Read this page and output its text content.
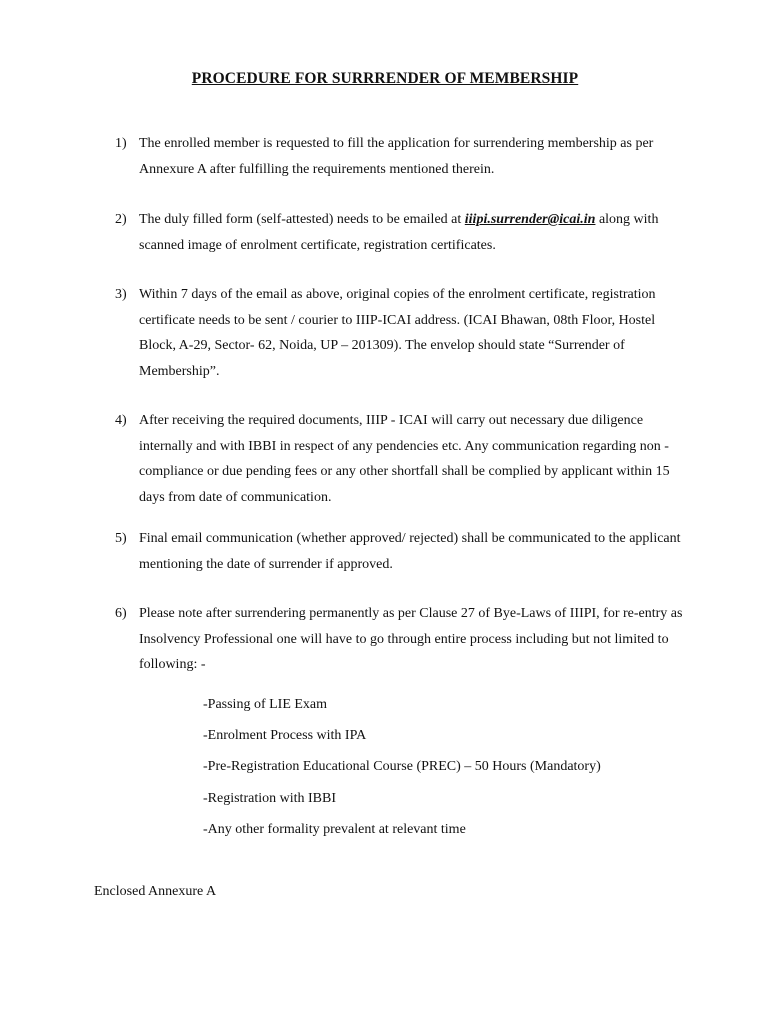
PROCEDURE FOR SURRRENDER OF MEMBERSHIP
1) The enrolled member is requested to fill the application for surrendering membership as per Annexure A after fulfilling the requirements mentioned therein.
2) The duly filled form (self-attested) needs to be emailed at iiipi.surrender@icai.in along with scanned image of enrolment certificate, registration certificates.
3) Within 7 days of the email as above, original copies of the enrolment certificate, registration certificate needs to be sent / courier to IIIP-ICAI address. (ICAI Bhawan, 08th Floor, Hostel Block, A-29, Sector- 62, Noida, UP – 201309). The envelop should state “Surrender of Membership”.
4) After receiving the required documents, IIIP - ICAI will carry out necessary due diligence internally and with IBBI in respect of any pendencies etc. Any communication regarding non -compliance or due pending fees or any other shortfall shall be complied by applicant within 15 days from date of communication.
5) Final email communication (whether approved/ rejected) shall be communicated to the applicant mentioning the date of surrender if approved.
6) Please note after surrendering permanently as per Clause 27 of Bye-Laws of IIIPI, for re-entry as Insolvency Professional one will have to go through entire process including but not limited to following: -
-Passing of LIE Exam
-Enrolment Process with IPA
-Pre-Registration Educational Course (PREC) – 50 Hours (Mandatory)
-Registration with IBBI
-Any other formality prevalent at relevant time
Enclosed Annexure A
